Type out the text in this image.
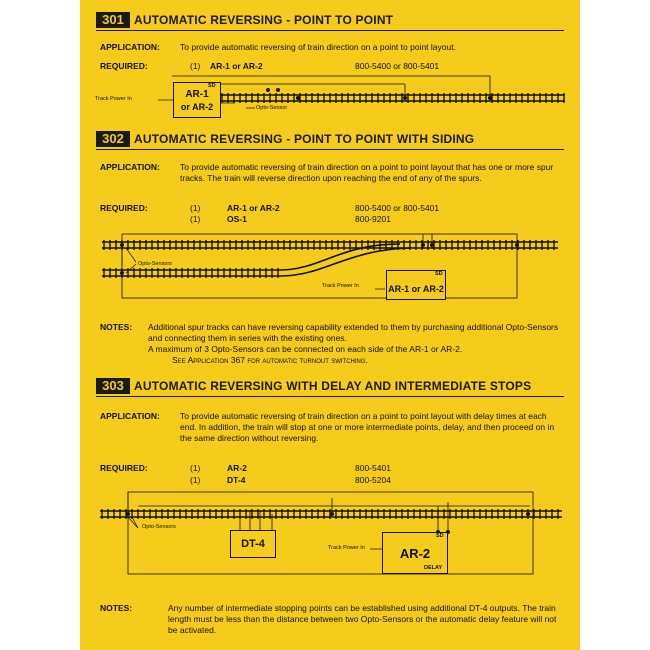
301 AUTOMATIC REVERSING - POINT TO POINT
APPLICATION: To provide automatic reversing of train direction on a point to point layout.
REQUIRED:	(1) AR-1 or AR-2	800-5400 or 800-5401
AR-1
or AR-2
SD
Track Power In
Opto-Sensor
302 AUTOMATIC REVERSING - POINT TO POINT WITH SIDING
APPLICATION: To provide automatic reversing of train direction on a point to point layout that has one or more spur tracks. The train will reverse direction upon reaching the end of any of the spurs.
REQUIRED:	(1)	AR-1 or AR-2	800-5400 or 800-5401
(1)	OS-1	800-9201
AR-1 or AR-2
SD
Track Power In
Opto-Sensors
NOTES: Additional spur tracks can have reversing capability extended to them by purchasing additional Opto-Sensors and connecting them in series with the existing ones.
A maximum of 3 Opto-Sensors can be connected on each side of the AR-1 or AR-2.
See Application 367 for automatic turnout switching.
303 AUTOMATIC REVERSING WITH DELAY AND INTERMEDIATE STOPS
APPLICATION: To provide automatic reversing of train direction on a point to point layout with delay times at each end. In addition, the train will stop at one or more intermediate points, delay, and then proceed on in the same direction without reversing.
REQUIRED:	(1)	AR-2	800-5401
(1)	DT-4	800-5204
DT-4
AR-2
SD
DELAY
Track Power In
Opto-Sensors
NOTES:	Any number of intermediate stopping points can be established using additional DT-4 outputs. The train length must be less than the distance between two Opto-Sensors or the automatic delay feature will not be activated.
